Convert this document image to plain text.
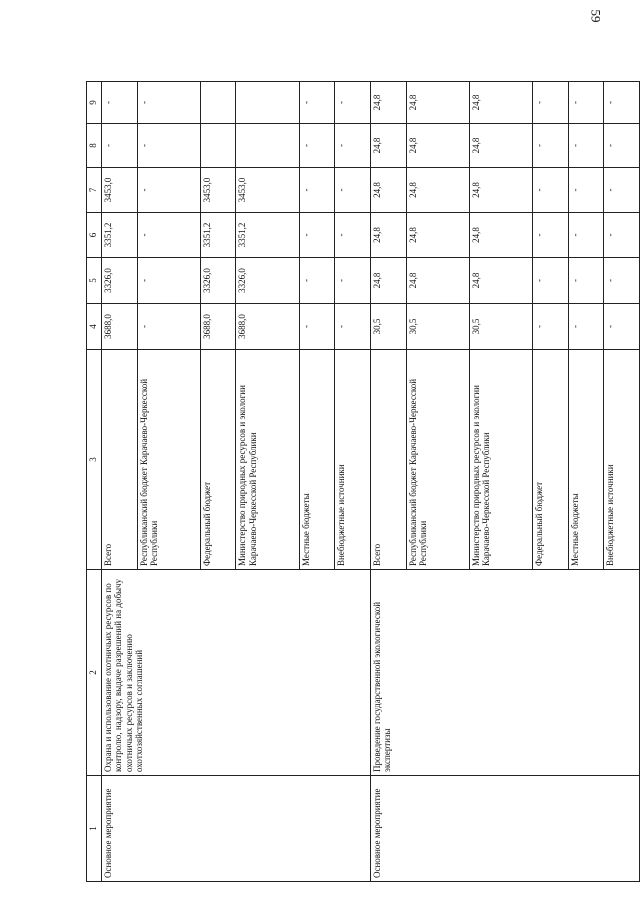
59
1	2	3	4	5	6	7	8	9
Основное мероприятие	Охрана и использование охотничьих ресурсов по контролю, надзору, выдаче разрешений на добычу охотничьих ресурсов и заключению охотхозяйственных соглашений	Всего	3688,0	3326,0	3351,2	3453,0	-	-
		Республиканский бюджет Карачаево-Черкесской Республики	-	-	-	-	-	-
		Федеральный бюджет	3688,0	3326,0	3351,2	3453,0		
		Министерство природных ресурсов и экологии Карачаево-Черкесской Республики	3688,0	3326,0	3351,2	3453,0		
		Местные бюджеты	-	-	-	-	-	-
		Внебюджетные источники	-	-	-	-	-	-
Основное мероприятие	Проведение государственной экологической экспертизы	Всего	30,5	24,8	24,8	24,8	24,8	24,8
		Республиканский бюджет Карачаево-Черкесской Республики	30,5	24,8	24,8	24,8	24,8	24,8
		Министерство природных ресурсов и экологии Карачаево-Черкесской Республики	30,5	24,8	24,8	24,8	24,8	24,8
		Федеральный бюджет	-	-	-	-	-	-
		Местные бюджеты	-	-	-	-	-	-
		Внебюджетные источники	-	-	-	-	-	-
